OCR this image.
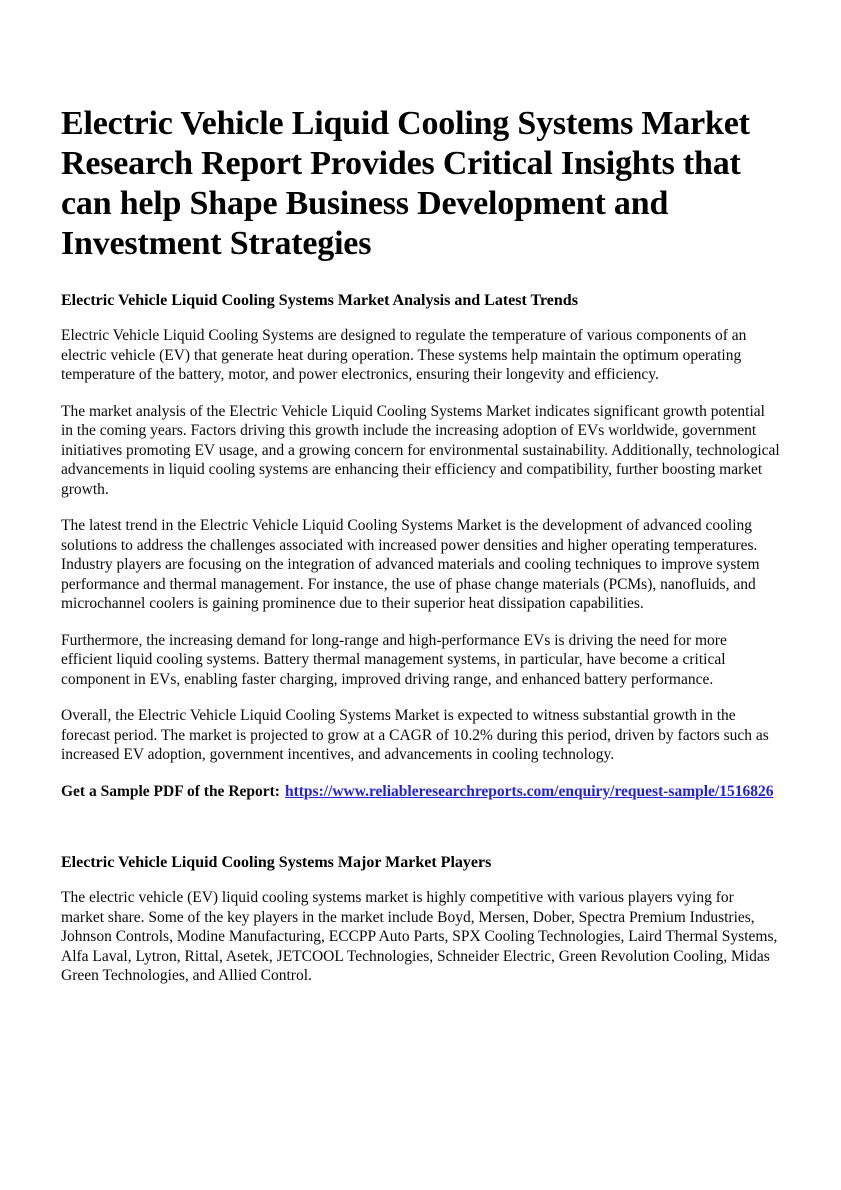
Electric Vehicle Liquid Cooling Systems Market Research Report Provides Critical Insights that can help Shape Business Development and Investment Strategies
Electric Vehicle Liquid Cooling Systems Market Analysis and Latest Trends

Electric Vehicle Liquid Cooling Systems are designed to regulate the temperature of various components of an electric vehicle (EV) that generate heat during operation. These systems help maintain the optimum operating temperature of the battery, motor, and power electronics, ensuring their longevity and efficiency.

The market analysis of the Electric Vehicle Liquid Cooling Systems Market indicates significant growth potential in the coming years. Factors driving this growth include the increasing adoption of EVs worldwide, government initiatives promoting EV usage, and a growing concern for environmental sustainability. Additionally, technological advancements in liquid cooling systems are enhancing their efficiency and compatibility, further boosting market growth.

The latest trend in the Electric Vehicle Liquid Cooling Systems Market is the development of advanced cooling solutions to address the challenges associated with increased power densities and higher operating temperatures. Industry players are focusing on the integration of advanced materials and cooling techniques to improve system performance and thermal management. For instance, the use of phase change materials (PCMs), nanofluids, and microchannel coolers is gaining prominence due to their superior heat dissipation capabilities.

Furthermore, the increasing demand for long-range and high-performance EVs is driving the need for more efficient liquid cooling systems. Battery thermal management systems, in particular, have become a critical component in EVs, enabling faster charging, improved driving range, and enhanced battery performance.

Overall, the Electric Vehicle Liquid Cooling Systems Market is expected to witness substantial growth in the forecast period. The market is projected to grow at a CAGR of 10.2% during this period, driven by factors such as increased EV adoption, government incentives, and advancements in cooling technology.

Get a Sample PDF of the Report: https://www.reliableresearchreports.com/enquiry/request-sample/1516826

Electric Vehicle Liquid Cooling Systems Major Market Players

The electric vehicle (EV) liquid cooling systems market is highly competitive with various players vying for market share. Some of the key players in the market include Boyd, Mersen, Dober, Spectra Premium Industries, Johnson Controls, Modine Manufacturing, ECCPP Auto Parts, SPX Cooling Technologies, Laird Thermal Systems, Alfa Laval, Lytron, Rittal, Asetek, JETCOOL Technologies, Schneider Electric, Green Revolution Cooling, Midas Green Technologies, and Allied Control.
